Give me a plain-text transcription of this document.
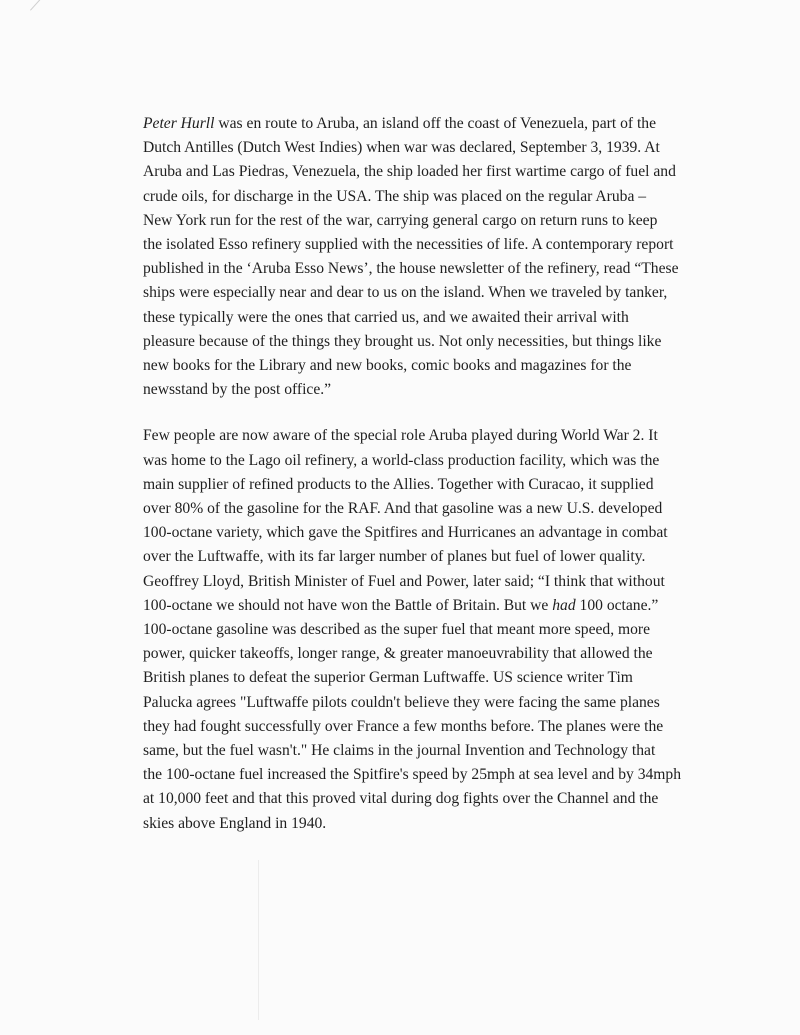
Peter Hurll was en route to Aruba, an island off the coast of Venezuela, part of the
Dutch Antilles (Dutch West Indies) when war was declared, September 3, 1939. At
Aruba and Las Piedras, Venezuela, the ship loaded her first wartime cargo of fuel and
crude oils, for discharge in the USA. The ship was placed on the regular Aruba –
New York run for the rest of the war, carrying general cargo on return runs to keep
the isolated Esso refinery supplied with the necessities of life. A contemporary report
published in the ‘Aruba Esso News’, the house newsletter of the refinery, read “These
ships were especially near and dear to us on the island. When we traveled by tanker,
these typically were the ones that carried us, and we awaited their arrival with
pleasure because of the things they brought us. Not only necessities, but things like
new books for the Library and new books, comic books and magazines for the
newsstand by the post office.”

Few people are now aware of the special role Aruba played during World War 2. It
was home to the Lago oil refinery, a world-class production facility, which was the
main supplier of refined products to the Allies. Together with Curacao, it supplied
over 80% of the gasoline for the RAF. And that gasoline was a new U.S. developed
100-octane variety, which gave the Spitfires and Hurricanes an advantage in combat
over the Luftwaffe, with its far larger number of planes but fuel of lower quality.
Geoffrey Lloyd, British Minister of Fuel and Power, later said; “I think that without
100-octane we should not have won the Battle of Britain. But we had 100 octane.”
100-octane gasoline was described as the super fuel that meant more speed, more
power, quicker takeoffs, longer range, & greater manoeuvrability that allowed the
British planes to defeat the superior German Luftwaffe. US science writer Tim
Palucka agrees "Luftwaffe pilots couldn't believe they were facing the same planes
they had fought successfully over France a few months before. The planes were the
same, but the fuel wasn't." He claims in the journal Invention and Technology that
the 100-octane fuel increased the Spitfire's speed by 25mph at sea level and by 34mph
at 10,000 feet and that this proved vital during dog fights over the Channel and the
skies above England in 1940.
